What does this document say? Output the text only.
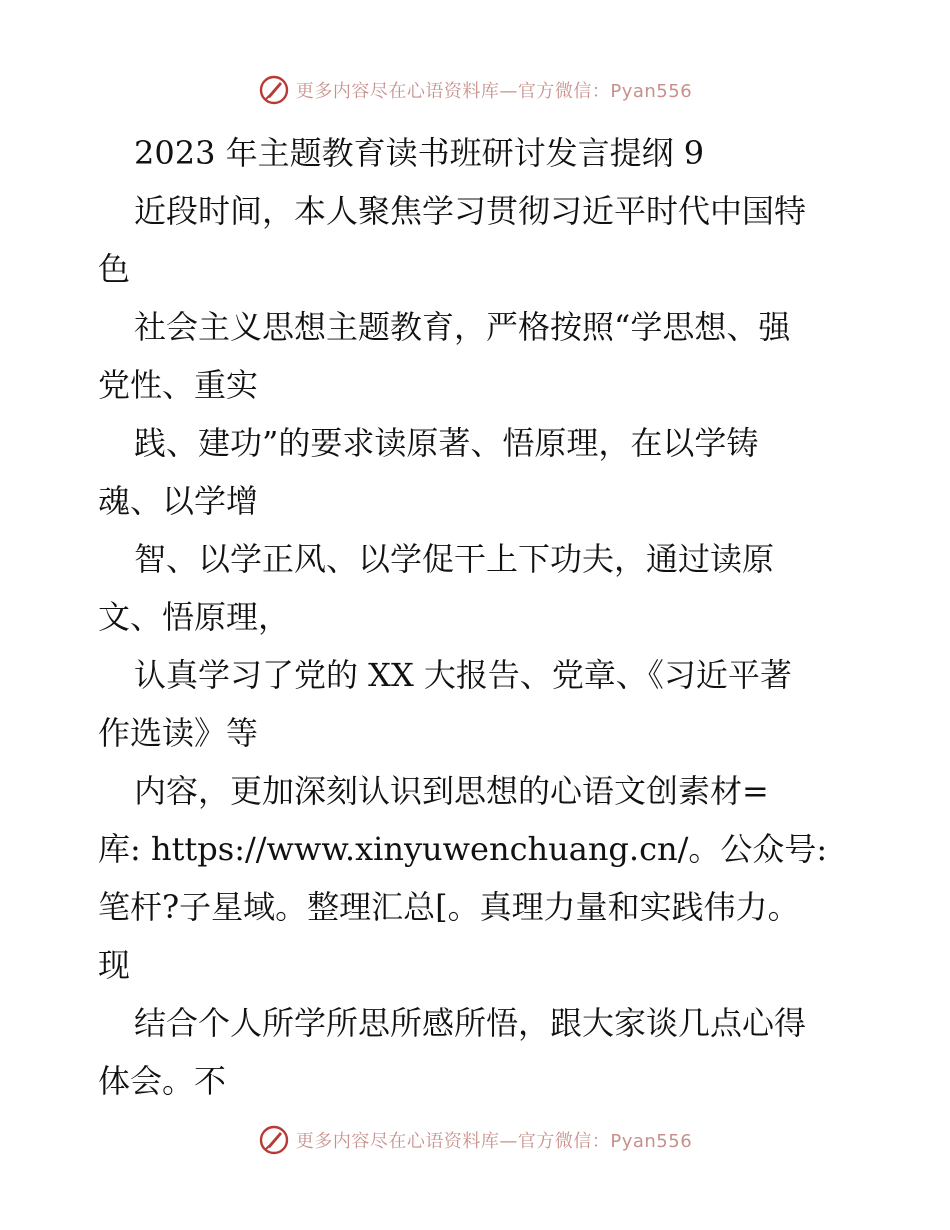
更多内容尽在心语资料库—官方微信：Pyan556
2023 年主题教育读书班研讨发言提纲 9
近段时间，本人聚焦学习贯彻习近平时代中国特
色
社会主义思想主题教育，严格按照“学思想、强
党性、重实
践、建功”的要求读原著、悟原理，在以学铸
魂、以学增
智、以学正风、以学促干上下功夫，通过读原
文、悟原理，
认真学习了党的 XX 大报告、党章、《习近平著
作选读》等
内容，更加深刻认识到思想的心语文创素材=
库: https://www.xinyuwenchuang.cn/。公众号:
笔杆?子星域。整理汇总[。真理力量和实践伟力。
现
结合个人所学所思所感所悟，跟大家谈几点心得
体会。不
更多内容尽在心语资料库—官方微信：Pyan556
